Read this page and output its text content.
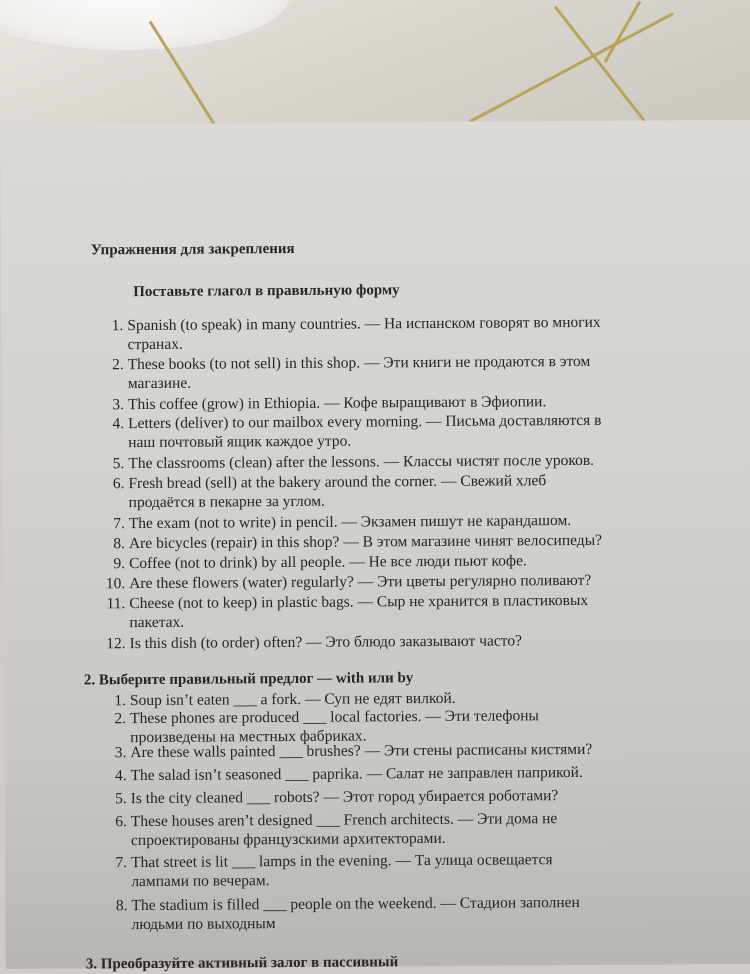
Упражнения для закрепления
Поставьте глагол в правильную форму
1. Spanish (to speak) in many countries. — На испанском говорят во многих
странах.
2. These books (to not sell) in this shop. — Эти книги не продаются в этом
магазине.
3. This coffee (grow) in Ethiopia. — Кофе выращивают в Эфиопии.
4. Letters (deliver) to our mailbox every morning. — Письма доставляются в
наш почтовый ящик каждое утро.
5. The classrooms (clean) after the lessons. — Классы чистят после уроков.
6. Fresh bread (sell) at the bakery around the corner. — Свежий хлеб
продаётся в пекарне за углом.
7. The exam (not to write) in pencil. — Экзамен пишут не карандашом.
8. Are bicycles (repair) in this shop? — В этом магазине чинят велосипеды?
9. Coffee (not to drink) by all people. — Не все люди пьют кофе.
10. Are these flowers (water) regularly? — Эти цветы регулярно поливают?
11. Cheese (not to keep) in plastic bags. — Сыр не хранится в пластиковых
пакетах.
12. Is this dish (to order) often? — Это блюдо заказывают часто?
2. Выберите правильный предлог — with или by
1. Soup isn’t eaten ___ a fork. — Суп не едят вилкой.
2. These phones are produced ___ local factories. — Эти телефоны
произведены на местных фабриках.
3. Are these walls painted ___ brushes? — Эти стены расписаны кистями?
4. The salad isn’t seasoned ___ paprika. — Салат не заправлен паприкой.
5. Is the city cleaned ___ robots? — Этот город убирается роботами?
6. These houses aren’t designed ___ French architects. — Эти дома не
спроектированы французскими архитекторами.
7. That street is lit ___ lamps in the evening. — Та улица освещается
лампами по вечерам.
8. The stadium is filled ___ people on the weekend. — Стадион заполнен
людьми по выходным
3. Преобразуйте активный залог в пассивный
